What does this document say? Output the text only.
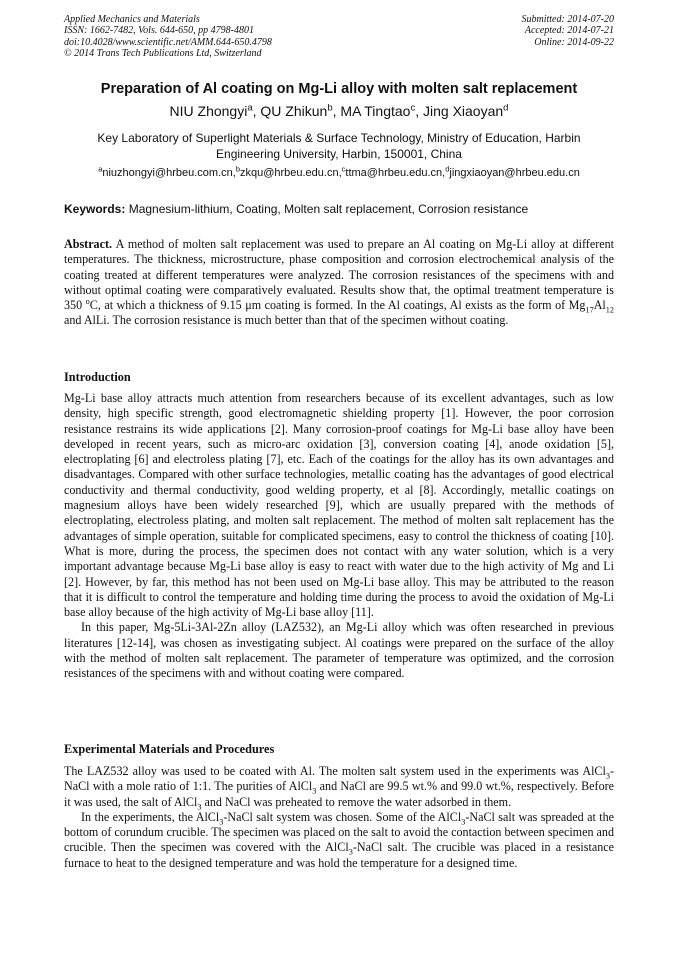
Applied Mechanics and Materials
ISSN: 1662-7482, Vols. 644-650, pp 4798-4801
doi:10.4028/www.scientific.net/AMM.644-650.4798
© 2014 Trans Tech Publications Ltd, Switzerland
Submitted: 2014-07-20
Accepted: 2014-07-21
Online: 2014-09-22
Preparation of Al coating on Mg-Li alloy with molten salt replacement
NIU Zhongyi$^a$, QU Zhikun$^b$, MA Tingtao$^c$, Jing Xiaoyan$^d$
Key Laboratory of Superlight Materials & Surface Technology, Ministry of Education, Harbin Engineering University, Harbin, 150001, China
$^a$niuzhongyi@hrbeu.com.cn,$^b$zkqu@hrbeu.edu.cn,$^c$ttma@hrbeu.edu.cn,$^d$jingxiaoyan@hrbeu.edu.cn
Keywords: Magnesium-lithium, Coating, Molten salt replacement, Corrosion resistance

Abstract. A method of molten salt replacement was used to prepare an Al coating on Mg-Li alloy at different temperatures. The thickness, microstructure, phase composition and corrosion electrochemical analysis of the coating treated at different temperatures were analyzed. The corrosion resistances of the specimens with and without optimal coating were comparatively evaluated. Results show that, the optimal treatment temperature is 350 $^o$C, at which a thickness of 9.15 μm coating is formed. In the Al coatings, Al exists as the form of $Mg_{17}Al_{12}$ and AlLi. The corrosion resistance is much better than that of the specimen without coating.

Introduction

Mg-Li base alloy attracts much attention from researchers because of its excellent advantages, such as low density, high specific strength, good electromagnetic shielding property [1]. However, the poor corrosion resistance restrains its wide applications [2]. Many corrosion-proof coatings for Mg-Li base alloy have been developed in recent years, such as micro-arc oxidation [3], conversion coating [4], anode oxidation [5], electroplating [6] and electroless plating [7], etc. Each of the coatings for the alloy has its own advantages and disadvantages. Compared with other surface technologies, metallic coating has the advantages of good electrical conductivity and thermal conductivity, good welding property, et al [8]. Accordingly, metallic coatings on magnesium alloys have been widely researched [9], which are usually prepared with the methods of electroplating, electroless plating, and molten salt replacement. The method of molten salt replacement has the advantages of simple operation, suitable for complicated specimens, easy to control the thickness of coating [10]. What is more, during the process, the specimen does not contact with any water solution, which is a very important advantage because Mg-Li base alloy is easy to react with water due to the high activity of Mg and Li [2]. However, by far, this method has not been used on Mg-Li base alloy. This may be attributed to the reason that it is difficult to control the temperature and holding time during the process to avoid the oxidation of Mg-Li base alloy because of the high activity of Mg-Li base alloy [11].

In this paper, Mg-5Li-3Al-2Zn alloy (LAZ532), an Mg-Li alloy which was often researched in previous literatures [12-14], was chosen as investigating subject. Al coatings were prepared on the surface of the alloy with the method of molten salt replacement. The parameter of temperature was optimized, and the corrosion resistances of the specimens with and without coating were compared.

Experimental Materials and Procedures

The LAZ532 alloy was used to be coated with Al. The molten salt system used in the experiments was AlCl$_3$-NaCl with a mole ratio of 1:1. The purities of AlCl$_3$ and NaCl are 99.5 wt.% and 99.0 wt.%, respectively. Before it was used, the salt of AlCl$_3$ and NaCl was preheated to remove the water adsorbed in them.

In the experiments, the AlCl$_3$-NaCl salt system was chosen. Some of the AlCl$_3$-NaCl salt was spreaded at the bottom of corundum crucible. The specimen was placed on the salt to avoid the contaction between specimen and crucible. Then the specimen was covered with the AlCl$_3$-NaCl salt. The crucible was placed in a resistance furnace to heat to the designed temperature and was hold the temperature for a designed time.
